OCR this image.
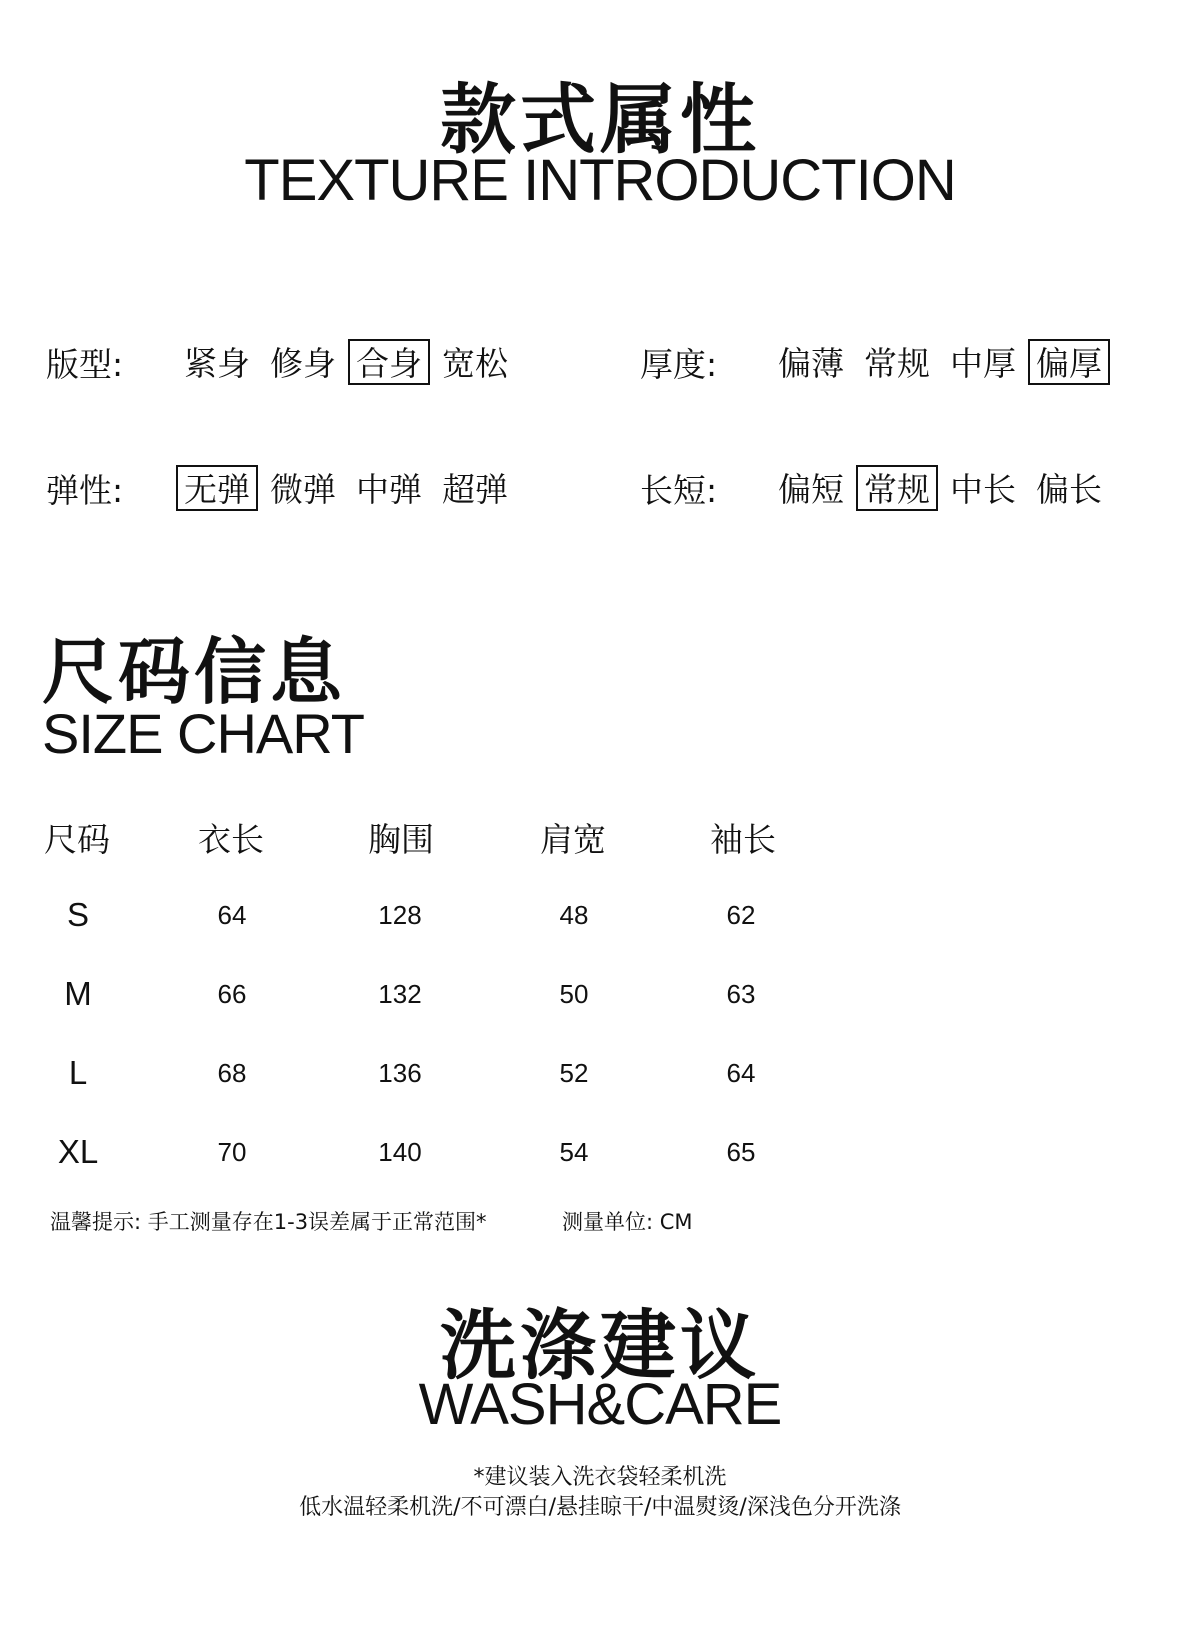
款式属性
TEXTURE INTRODUCTION
版型:	紧身 修身 合身 宽松	厚度:	偏薄 常规 中厚 偏厚
弹性:	无弹 微弹 中弹 超弹	长短:	偏短 常规 中长 偏长
尺码信息
SIZE CHART
尺码	衣长	胸围	肩宽	袖长
S	64	128	48	62
M	66	132	50	63
L	68	136	52	64
XL	70	140	54	65
温馨提示: 手工测量存在1-3误差属于正常范围*	测量单位: CM
洗涤建议
WASH&CARE
*建议装入洗衣袋轻柔机洗
低水温轻柔机洗/不可漂白/悬挂晾干/中温熨烫/深浅色分开洗涤
